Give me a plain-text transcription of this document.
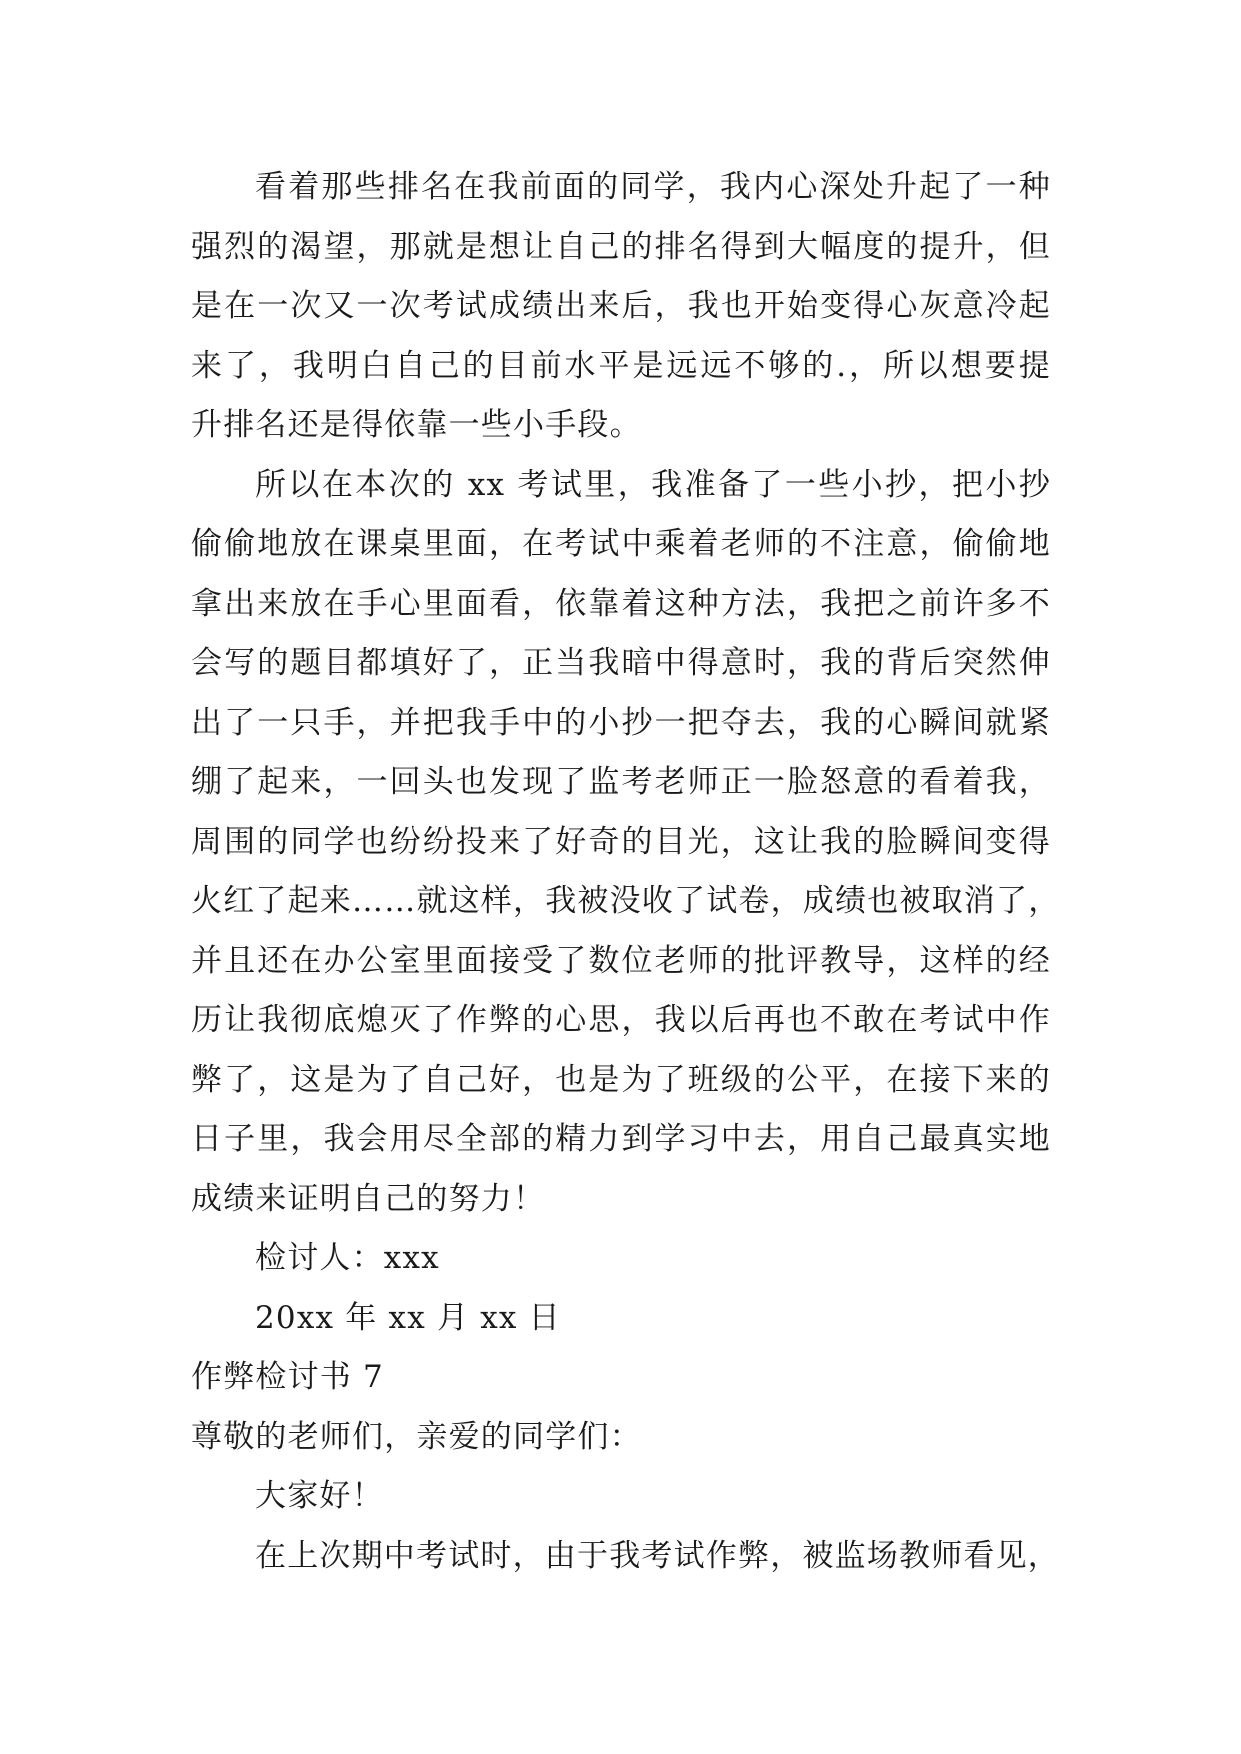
看着那些排名在我前面的同学，我内心深处升起了一种
强烈的渴望，那就是想让自己的排名得到大幅度的提升，但
是在一次又一次考试成绩出来后，我也开始变得心灰意冷起
来了，我明白自己的目前水平是远远不够的.，所以想要提
升排名还是得依靠一些小手段。
所以在本次的 xx 考试里，我准备了一些小抄，把小抄
偷偷地放在课桌里面，在考试中乘着老师的不注意，偷偷地
拿出来放在手心里面看，依靠着这种方法，我把之前许多不
会写的题目都填好了，正当我暗中得意时，我的背后突然伸
出了一只手，并把我手中的小抄一把夺去，我的心瞬间就紧
绷了起来，一回头也发现了监考老师正一脸怒意的看着我，
周围的同学也纷纷投来了好奇的目光，这让我的脸瞬间变得
火红了起来……就这样，我被没收了试卷，成绩也被取消了，
并且还在办公室里面接受了数位老师的批评教导，这样的经
历让我彻底熄灭了作弊的心思，我以后再也不敢在考试中作
弊了，这是为了自己好，也是为了班级的公平，在接下来的
日子里，我会用尽全部的精力到学习中去，用自己最真实地
成绩来证明自己的努力！
检讨人：xxx
20xx 年 xx 月 xx 日
作弊检讨书 7
尊敬的老师们，亲爱的同学们：
大家好！
在上次期中考试时，由于我考试作弊，被监场教师看见，
